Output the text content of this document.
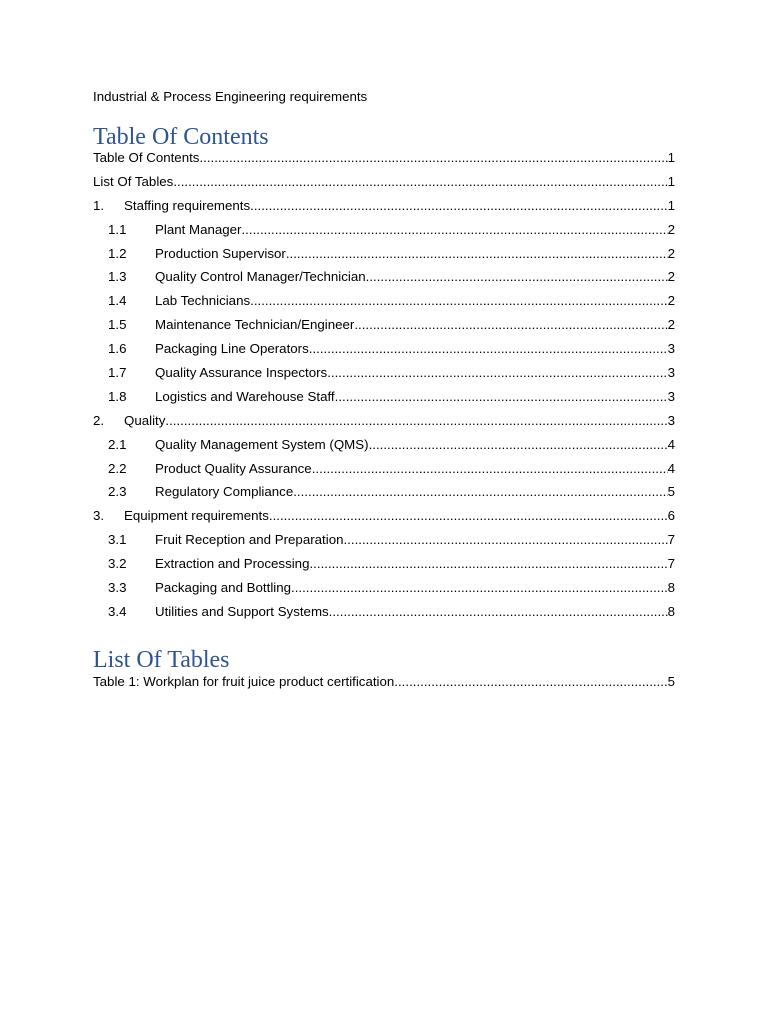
Industrial & Process Engineering requirements
Table Of Contents
Table Of Contents .....	1
List Of Tables .....	1
1.	Staffing requirements .....	1
1.1	Plant Manager .....	2
1.2	Production Supervisor .....	2
1.3	Quality Control Manager/Technician .....	2
1.4	Lab Technicians .....	2
1.5	Maintenance Technician/Engineer .....	2
1.6	Packaging Line Operators .....	3
1.7	Quality Assurance Inspectors .....	3
1.8	Logistics and Warehouse Staff .....	3
2.	Quality .....	3
2.1	Quality Management System (QMS) .....	4
2.2	Product Quality Assurance .....	4
2.3	Regulatory Compliance .....	5
3.	Equipment requirements .....	6
3.1	Fruit Reception and Preparation .....	7
3.2	Extraction and Processing .....	7
3.3	Packaging and Bottling .....	8
3.4	Utilities and Support Systems .....	8
List Of Tables
Table 1: Workplan for fruit juice product certification .....	5
